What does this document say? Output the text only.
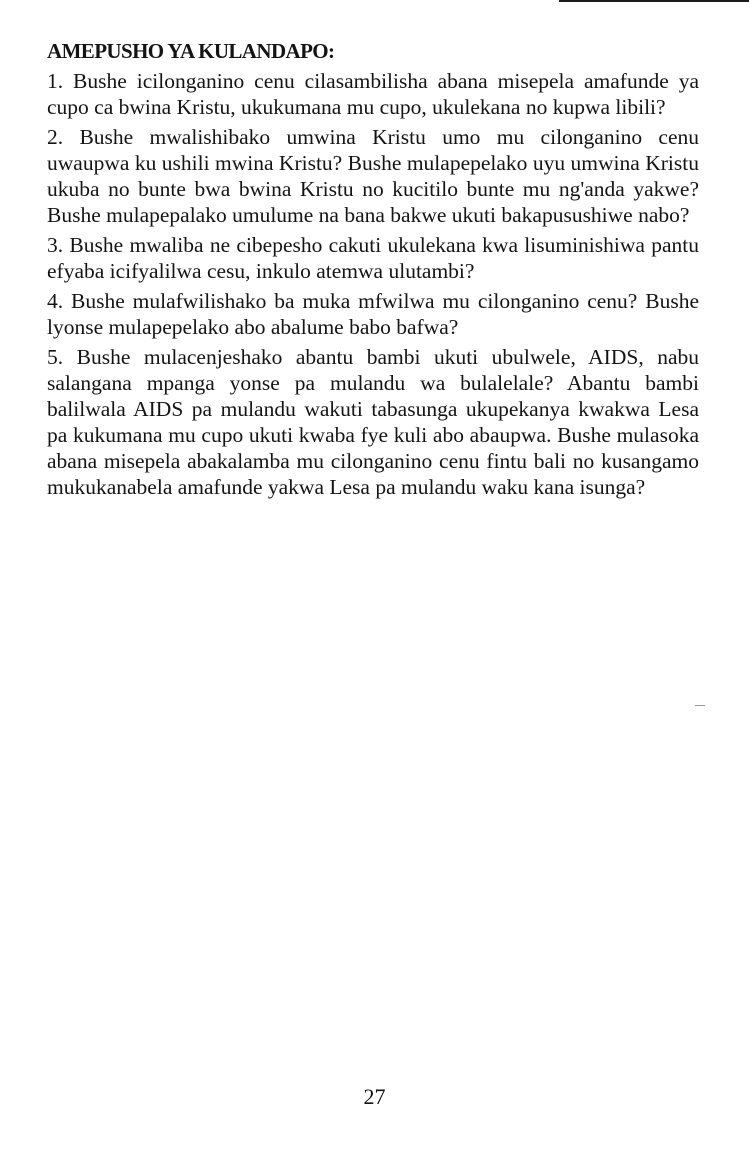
AMEPUSHO YA KULANDAPO:

1. Bushe icilonganino cenu cilasambilisha abana misepela amafunde ya cupo ca bwina Kristu, ukukumana mu cupo, ukulekana no kupwa libili?

2. Bushe mwalishibako umwina Kristu umo mu cilonganino cenu uwaupwa ku ushili mwina Kristu? Bushe mulapepelako uyu umwina Kristu ukuba no bunte bwa bwina Kristu no kucitilo bunte mu ng'anda yakwe? Bushe mulapepalako umulume na bana bakwe ukuti bakapusushiwe nabo?

3. Bushe mwaliba ne cibepesho cakuti ukulekana kwa lisuminishiwa pantu efyaba icifyalilwa cesu, inkulo atemwa ulutambi?

4. Bushe mulafwilishako ba muka mfwilwa mu cilonganino cenu? Bushe lyonse mulapepelako abo abalume babo bafwa?

5. Bushe mulacenjeshako abantu bambi ukuti ubulwele, AIDS, nabu salangana mpanga yonse pa mulandu wa bulalelale? Abantu bambi balilwala AIDS pa mulandu wakuti tabasunga ukupekanya kwakwa Lesa pa kukumana mu cupo ukuti kwaba fye kuli abo abaupwa. Bushe mulasoka abana misepela abakalamba mu cilonganino cenu fintu bali no kusangamo mukukanabela amafunde yakwa Lesa pa mulandu waku kana isunga?

27
